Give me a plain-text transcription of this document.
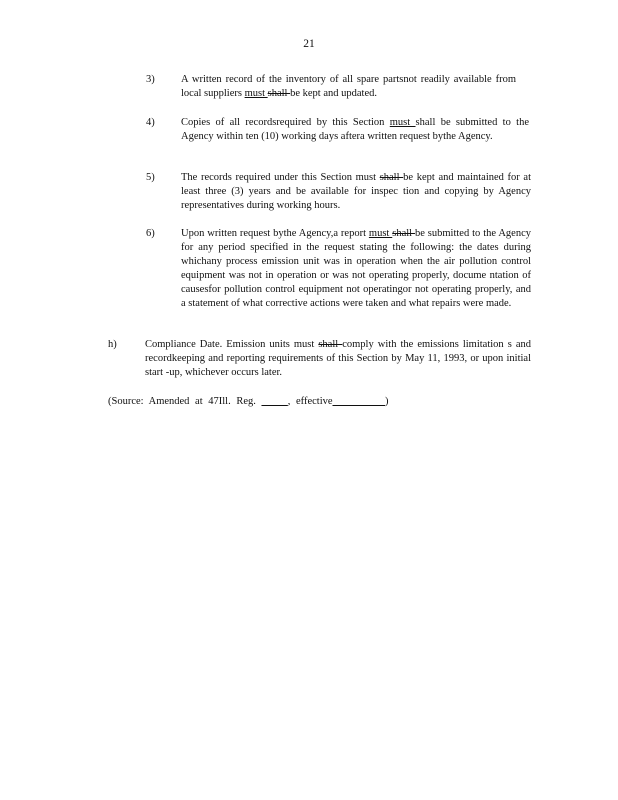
21
3)	A written record of the inventory of all spare partsnot readily available from local suppliers must shall be kept and updated.
4)	Copies of all recordsrequired by this Section must shall be submitted to the Agency within ten (10) working days aftera written request bythe Agency.
5)	The records required under this Section must shall be kept and maintained for at least three (3) years and be available for inspec tion and copying by Agency representatives during working hours.
6)	Upon written request bythe Agency,a report must shall be submitted to the Agency for any period specified in the request stating the following: the dates during whichany process emission unit was in operation when the air pollution control equipment was not in operation or was not operating properly, docume ntation of causesfor pollution control equipment not operatingor not operating properly, and a statement of what corrective actions were taken and what repairs were made.
h)	Compliance Date. Emission units must shall comply with the emissions limitation s and recordkeeping and reporting requirements of this Section by May 11, 1993, or upon initial start -up, whichever occurs later.
(Source: Amended at 47Ill. Reg. _____, effective__________)
